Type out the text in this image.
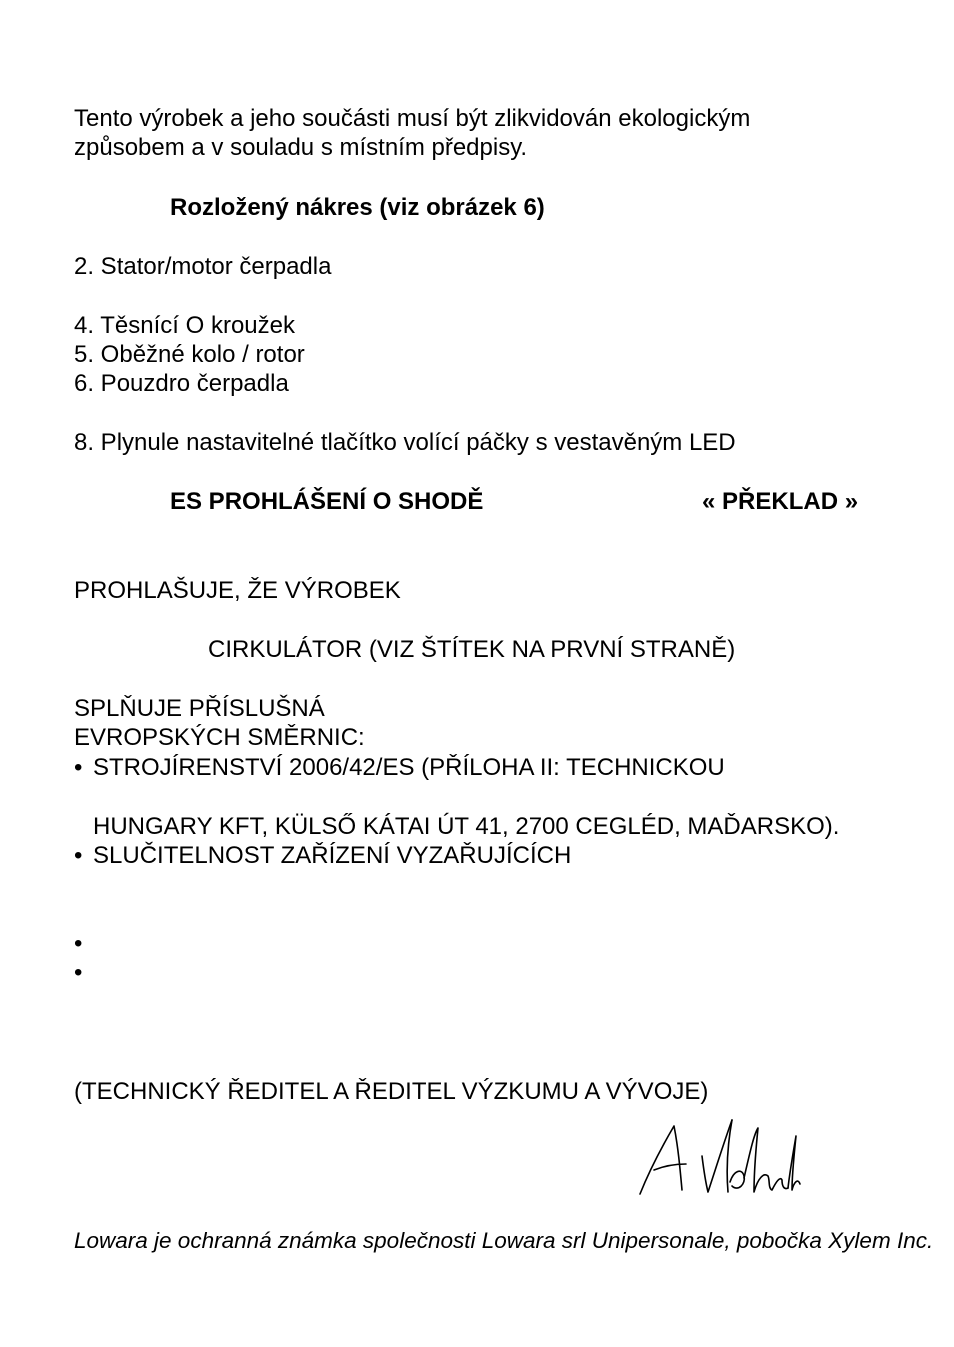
Tento výrobek a jeho součásti musí být zlikvidován ekologickým
způsobem a v souladu s místním předpisy.
Rozložený nákres (viz obrázek 6)
2. Stator/motor čerpadla
4. Těsnící O kroužek
5. Oběžné kolo / rotor
6. Pouzdro čerpadla
8. Plynule nastavitelné tlačítko volící páčky s vestavěným LED
ES PROHLÁŠENÍ O SHODĚ	« PŘEKLAD »
PROHLAŠUJE, ŽE VÝROBEK
CIRKULÁTOR (VIZ ŠTÍTEK NA PRVNÍ STRANĚ)
SPLŇUJE PŘÍSLUŠNÁ
EVROPSKÝCH SMĚRNIC:
• STROJÍRENSTVÍ 2006/42/ES (PŘÍLOHA II: TECHNICKOU
HUNGARY KFT, KÜLSŐ KÁTAI ÚT 41, 2700 CEGLÉD, MAĎARSKO).
• SLUČITELNOST ZAŘÍZENÍ VYZAŘUJÍCÍCH
•
•
(TECHNICKÝ ŘEDITEL A ŘEDITEL VÝZKUMU A VÝVOJE)
Lowara je ochranná známka společnosti Lowara srl Unipersonale, pobočka Xylem Inc.
